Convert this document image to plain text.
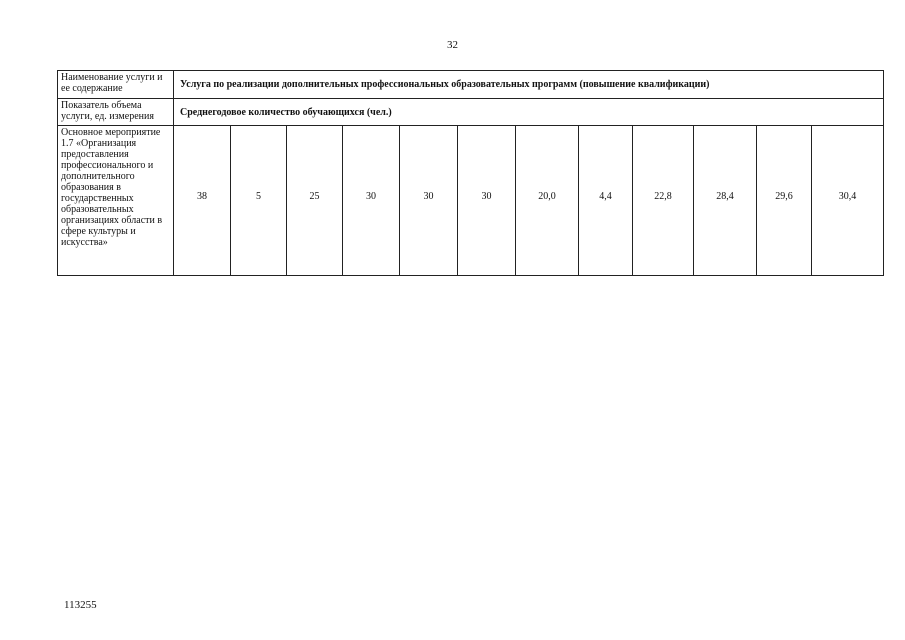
32
Наименование услуги и ее содержание	Услуга по реализации дополнительных профессиональных образовательных программ (повышение квалификации)											
Показатель объема услуги, ед. измерения	Среднегодовое количество обучающихся (чел.)											
Основное мероприятие 1.7 «Организация предоставления профессионального и дополнительного образования в государственных образовательных организациях области в сфере культуры и искусства»	38	5	25	30	30	30	20,0	4,4	22,8	28,4	29,6	30,4
113255
